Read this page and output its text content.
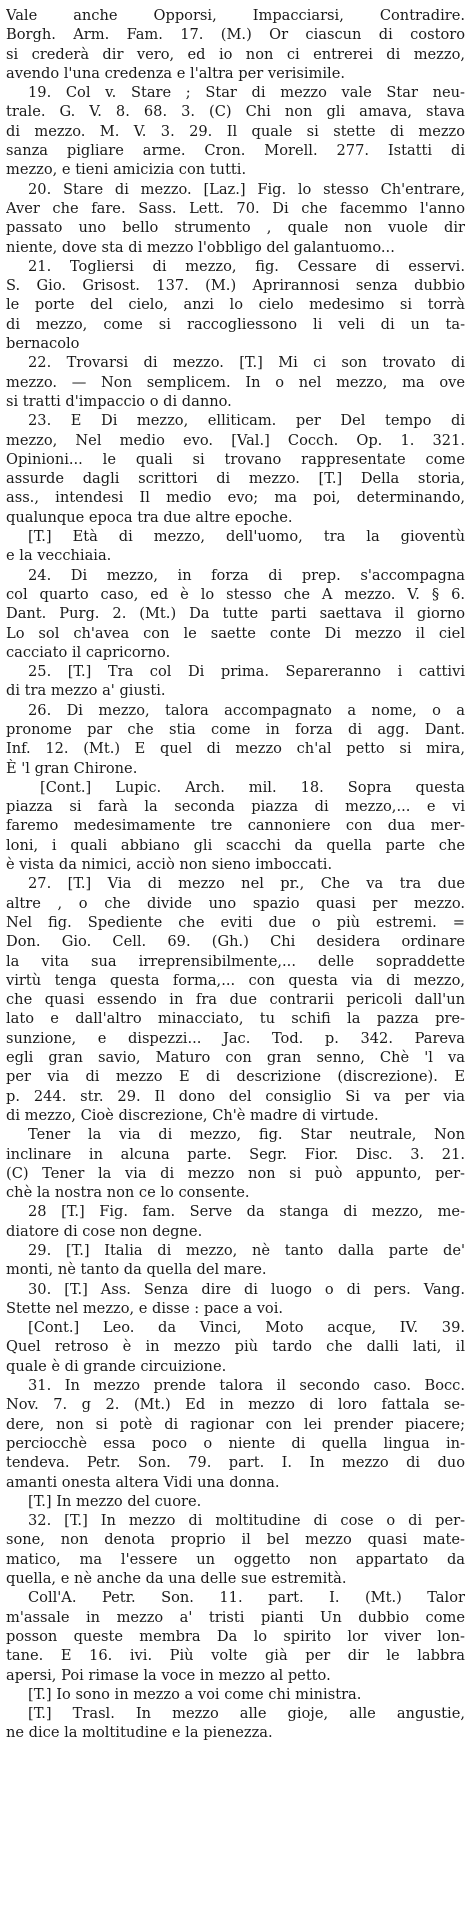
Vale anche Opporsi, Impacciarsi, Contradire.
Borgh. Arm. Fam. 17. (M.) Or ciascun di costoro
si crederà dir vero, ed io non ci entrerei di mezzo,
avendo l'una credenza e l'altra per verisimile.
19. Col v. Stare ; Star di mezzo vale Star neu-
trale. G. V. 8. 68. 3. (C) Chi non gli amava, stava
di mezzo. M. V. 3. 29. Il quale si stette di mezzo
sanza pigliare arme. Cron. Morell. 277. Istatti di
mezzo, e tieni amicizia con tutti.
20. Stare di mezzo. [Laz.] Fig. lo stesso Ch'entrare,
Aver che fare. Sass. Lett. 70. Di che facemmo l'anno
passato uno bello strumento , quale non vuole dir
niente, dove sta di mezzo l'obbligo del galantuomo...
21. Togliersi di mezzo, fig. Cessare di esservi.
S. Gio. Grisost. 137. (M.) Aprirannosi senza dubbio
le porte del cielo, anzi lo cielo medesimo si torrà
di mezzo, come si raccogliessono li veli di un ta-
bernacolo
22. Trovarsi di mezzo. [T.] Mi ci son trovato di
mezzo. — Non semplicem. In o nel mezzo, ma ove
si tratti d'impaccio o di danno.
23. E Di mezzo, elliticam. per Del tempo di
mezzo, Nel medio evo. [Val.] Cocch. Op. 1. 321.
Opinioni... le quali si trovano rappresentate come
assurde dagli scrittori di mezzo. [T.] Della storia,
ass., intendesi Il medio evo; ma poi, determinando,
qualunque epoca tra due altre epoche.
[T.] Età di mezzo, dell'uomo, tra la gioventù
e la vecchiaia.
24. Di mezzo, in forza di prep. s'accompagna
col quarto caso, ed è lo stesso che A mezzo. V. § 6.
Dant. Purg. 2. (Mt.) Da tutte parti saettava il giorno
Lo sol ch'avea con le saette conte Di mezzo il ciel
cacciato il capricorno.
25. [T.] Tra col Di prima. Separeranno i cattivi
di tra mezzo a' giusti.
26. Di mezzo, talora accompagnato a nome, o a
pronome par che stia come in forza di agg. Dant.
Inf. 12. (Mt.) E quel di mezzo ch'al petto si mira,
È 'l gran Chirone.
[Cont.] Lupic. Arch. mil. 18. Sopra questa
piazza si farà la seconda piazza di mezzo,... e vi
faremo medesimamente tre cannoniere con dua mer-
loni, i quali abbiano gli scacchi da quella parte che
è vista da nimici, acciò non sieno imboccati.
27. [T.] Via di mezzo nel pr., Che va tra due
altre , o che divide uno spazio quasi per mezzo.
Nel fig. Spediente che eviti due o più estremi. =
Don. Gio. Cell. 69. (Gh.) Chi desidera ordinare
la vita sua irreprensibilmente,... delle sopraddette
virtù tenga questa forma,... con questa via di mezzo,
che quasi essendo in fra due contrarii pericoli dall'un
lato e dall'altro minacciato, tu schifi la pazza pre-
sunzione, e dispezzi... Jac. Tod. p. 342. Pareva
egli gran savio, Maturo con gran senno, Chè 'l va
per via di mezzo E di descrizione (discrezione). E
p. 244. str. 29. Il dono del consiglio Si va per via
di mezzo, Cioè discrezione, Ch'è madre di virtude.
Tener la via di mezzo, fig. Star neutrale, Non
inclinare in alcuna parte. Segr. Fior. Disc. 3. 21.
(C) Tener la via di mezzo non si può appunto, per-
chè la nostra non ce lo consente.
28 [T.] Fig. fam. Serve da stanga di mezzo, me-
diatore di cose non degne.
29. [T.] Italia di mezzo, nè tanto dalla parte de'
monti, nè tanto da quella del mare.
30. [T.] Ass. Senza dire di luogo o di pers. Vang.
Stette nel mezzo, e disse : pace a voi.
[Cont.] Leo. da Vinci, Moto acque, IV. 39.
Quel retroso è in mezzo più tardo che dalli lati, il
quale è di grande circuizione.
31. In mezzo prende talora il secondo caso. Bocc.
Nov. 7. g 2. (Mt.) Ed in mezzo di loro fattala se-
dere, non si potè di ragionar con lei prender piacere;
perciocchè essa poco o niente di quella lingua in-
tendeva. Petr. Son. 79. part. I. In mezzo di duo
amanti onesta altera Vidi una donna.
[T.] In mezzo del cuore.
32. [T.] In mezzo di moltitudine di cose o di per-
sone, non denota proprio il bel mezzo quasi mate-
matico, ma l'essere un oggetto non appartato da
quella, e nè anche da una delle sue estremità.
Coll'A. Petr. Son. 11. part. I. (Mt.) Talor
m'assale in mezzo a' tristi pianti Un dubbio come
posson queste membra Da lo spirito lor viver lon-
tane. E 16. ivi. Più volte già per dir le labbra
apersi, Poi rimase la voce in mezzo al petto.
[T.] Io sono in mezzo a voi come chi ministra.
[T.] Trasl. In mezzo alle gioje, alle angustie,
ne dice la moltitudine e la pienezza.
